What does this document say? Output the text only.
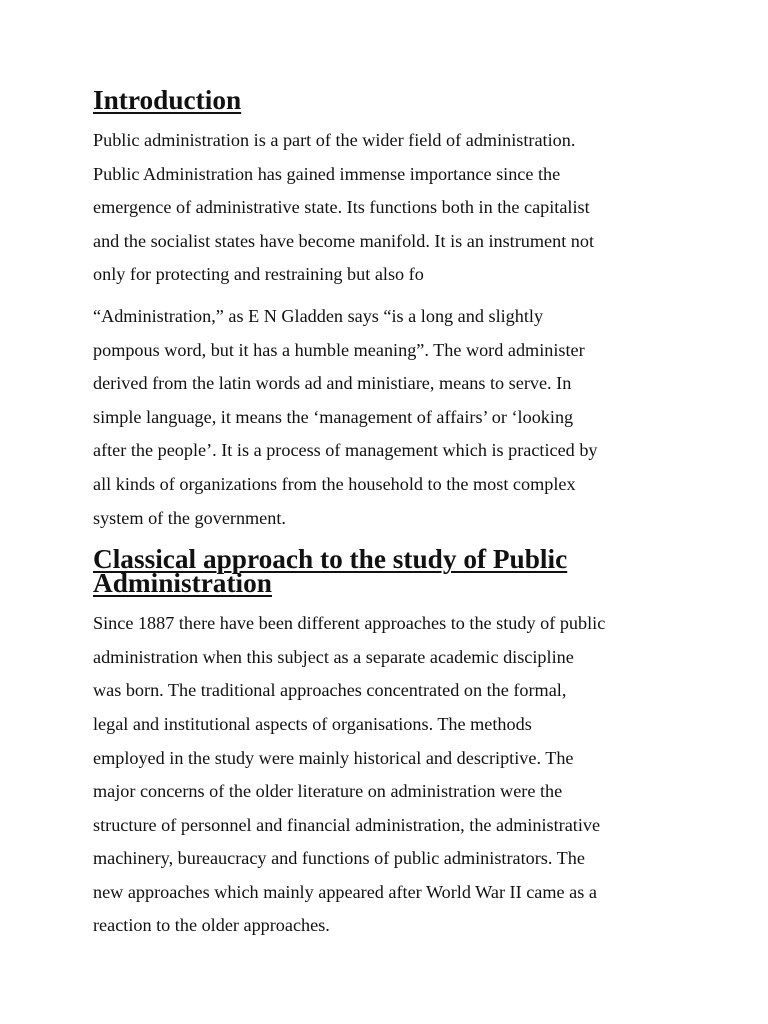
Introduction

Public administration is a part of the wider field of administration.
Public Administration has gained immense importance since the
emergence of administrative state. Its functions both in the capitalist
and the socialist states have become manifold. It is an instrument not
only for protecting and restraining but also fo

“Administration,” as E N Gladden says “is a long and slightly
pompous word, but it has a humble meaning”. The word administer
derived from the latin words ad and ministiare, means to serve. In
simple language, it means the ‘management of affairs’ or ‘looking
after the people’. It is a process of management which is practiced by
all kinds of organizations from the household to the most complex
system of the government.

Classical approach to the study of Public Administration

Since 1887 there have been different approaches to the study of public
administration when this subject as a separate academic discipline
was born. The traditional approaches concentrated on the formal,
legal and institutional aspects of organisations. The methods
employed in the study were mainly historical and descriptive. The
major concerns of the older literature on administration were the
structure of personnel and financial administration, the administrative
machinery, bureaucracy and functions of public administrators. The
new approaches which mainly appeared after World War II came as a
reaction to the older approaches.
